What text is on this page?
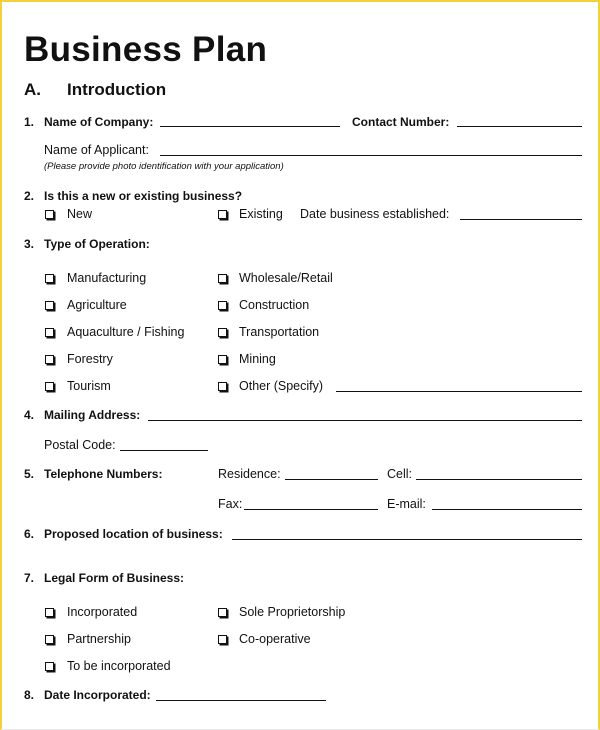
Business Plan
A. Introduction
1. Name of Company:	Contact Number:
Name of Applicant:
(Please provide photo identification with your application)
2. Is this a new or existing business?
New	Existing Date business established:
3. Type of Operation:
Manufacturing	Wholesale/Retail
Agriculture	Construction
Aquaculture / Fishing	Transportation
Forestry	Mining
Tourism	Other (Specify)
4. Mailing Address:
Postal Code:
5. Telephone Numbers:	Residence:	Cell:
Fax:	E-mail:
6. Proposed location of business:
7. Legal Form of Business:
Incorporated	Sole Proprietorship
Partnership	Co-operative
To be incorporated
8. Date Incorporated:
